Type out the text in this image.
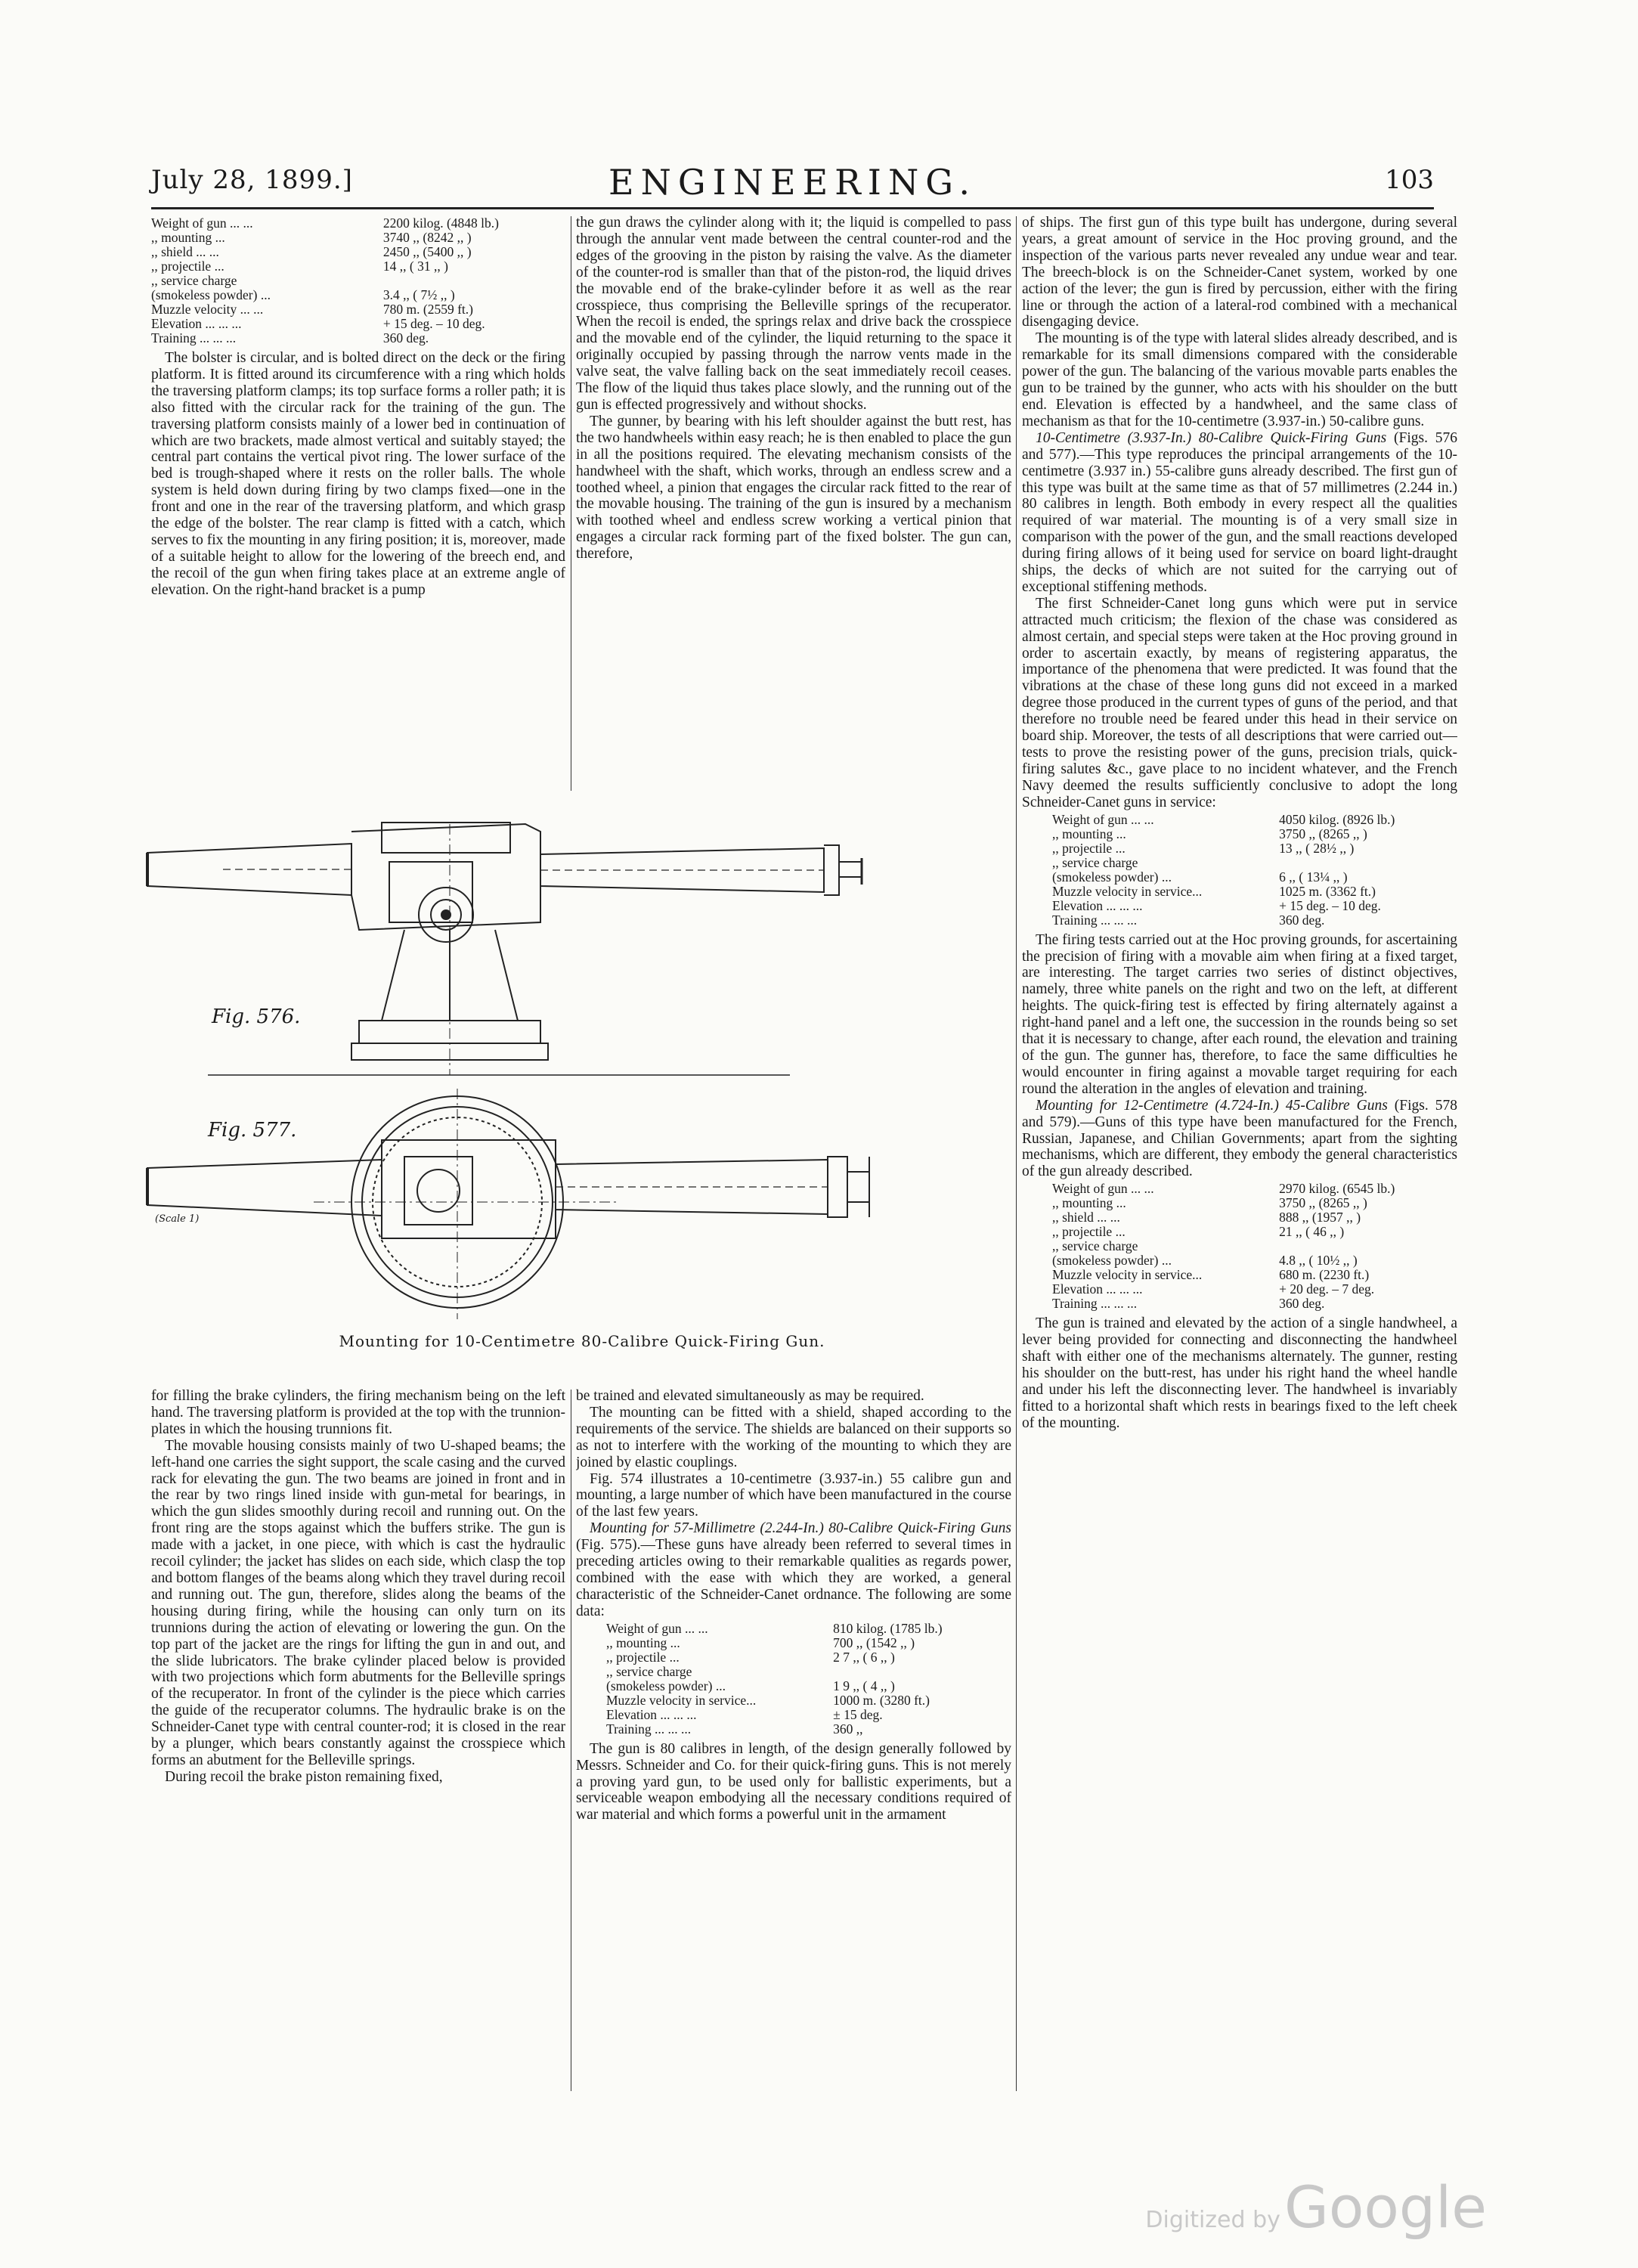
July 28, 1899.]	ENGINEERING.	103
Weight of gun ... ...	2200 kilog. (4848 lb.)
,, mounting ...	3740 ,, (8242 ,, )
,, shield ... ...	2450 ,, (5400 ,, )
,, projectile ...	14 ,, ( 31 ,, )
,, service charge
(smokeless powder) ...	3.4 ,, ( 7½ ,, )
Muzzle velocity ... ...	780 m. (2559 ft.)
Elevation ... ... ...	+ 15 deg. – 10 deg.
Training ... ... ...	360 deg.

The bolster is circular, and is bolted direct on the deck or the firing platform. It is fitted around its circumference with a ring which holds the traversing platform clamps; its top surface forms a roller path; it is also fitted with the circular rack for the training of the gun. The traversing platform consists mainly of a lower bed in continuation of which are two brackets, made almost vertical and suitably stayed; the central part contains the vertical pivot ring. The lower surface of the bed is trough-shaped where it rests on the roller balls. The whole system is held down during firing by two clamps fixed—one in the front and one in the rear of the traversing platform, and which grasp the edge of the bolster. The rear clamp is fitted with a catch, which serves to fix the mounting in any firing position; it is, moreover, made of a suitable height to allow for the lowering of the breech end, and the recoil of the gun when firing takes place at an extreme angle of elevation. On the right-hand bracket is a pump

the gun draws the cylinder along with it; the liquid is compelled to pass through the annular vent made between the central counter-rod and the edges of the grooving in the piston by raising the valve. As the diameter of the counter-rod is smaller than that of the piston-rod, the liquid drives the movable end of the brake-cylinder before it as well as the rear crosspiece, thus comprising the Belleville springs of the recuperator. When the recoil is ended, the springs relax and drive back the crosspiece and the movable end of the cylinder, the liquid returning to the space it originally occupied by passing through the narrow vents made in the valve seat, the valve falling back on the seat immediately recoil ceases. The flow of the liquid thus takes place slowly, and the running out of the gun is effected progressively and without shocks.

The gunner, by bearing with his left shoulder against the butt rest, has the two handwheels within easy reach; he is then enabled to place the gun in all the positions required. The elevating mechanism consists of the handwheel with the shaft, which works, through an endless screw and a toothed wheel, a pinion that engages the circular rack fitted to the rear of the movable housing. The training of the gun is insured by a mechanism with toothed wheel and endless screw working a vertical pinion that engages a circular rack forming part of the fixed bolster. The gun can, therefore,

Fig. 576.
Fig. 577.
(Scale 1)
Mounting for 10-Centimetre 80-Calibre Quick-Firing Gun.

for filling the brake cylinders, the firing mechanism being on the left hand. The traversing platform is provided at the top with the trunnion-plates in which the housing trunnions fit.

The movable housing consists mainly of two U-shaped beams; the left-hand one carries the sight support, the scale casing and the curved rack for elevating the gun. The two beams are joined in front and in the rear by two rings lined inside with gun-metal for bearings, in which the gun slides smoothly during recoil and running out. On the front ring are the stops against which the buffers strike. The gun is made with a jacket, in one piece, with which is cast the hydraulic recoil cylinder; the jacket has slides on each side, which clasp the top and bottom flanges of the beams along which they travel during recoil and running out. The gun, therefore, slides along the beams of the housing during firing, while the housing can only turn on its trunnions during the action of elevating or lowering the gun. On the top part of the jacket are the rings for lifting the gun in and out, and the slide lubricators. The brake cylinder placed below is provided with two projections which form abutments for the Belleville springs of the recuperator. In front of the cylinder is the piece which carries the guide of the recuperator columns. The hydraulic brake is on the Schneider-Canet type with central counter-rod; it is closed in the rear by a plunger, which bears constantly against the crosspiece which forms an abutment for the Belleville springs.

During recoil the brake piston remaining fixed,

be trained and elevated simultaneously as may be required.

The mounting can be fitted with a shield, shaped according to the requirements of the service. The shields are balanced on their supports so as not to interfere with the working of the mounting to which they are joined by elastic couplings.

Fig. 574 illustrates a 10-centimetre (3.937-in.) 55 calibre gun and mounting, a large number of which have been manufactured in the course of the last few years.

Mounting for 57-Millimetre (2.244-In.) 80-Calibre Quick-Firing Guns (Fig. 575).—These guns have already been referred to several times in preceding articles owing to their remarkable qualities as regards power, combined with the ease with which they are worked, a general characteristic of the Schneider-Canet ordnance. The following are some data:

Weight of gun ... ...	810 kilog. (1785 lb.)
,, mounting ...	700 ,, (1542 ,, )
,, projectile ...	2 7 ,, ( 6 ,, )
,, service charge
(smokeless powder) ...	1 9 ,, ( 4 ,, )
Muzzle velocity in service...	1000 m. (3280 ft.)
Elevation ... ... ...	± 15 deg.
Training ... ... ...	360 ,,

The gun is 80 calibres in length, of the design generally followed by Messrs. Schneider and Co. for their quick-firing guns. This is not merely a proving yard gun, to be used only for ballistic experiments, but a serviceable weapon embodying all the necessary conditions required of war material and which forms a powerful unit in the armament

of ships. The first gun of this type built has undergone, during several years, a great amount of service in the Hoc proving ground, and the inspection of the various parts never revealed any undue wear and tear. The breech-block is on the Schneider-Canet system, worked by one action of the lever; the gun is fired by percussion, either with the firing line or through the action of a lateral-rod combined with a mechanical disengaging device.

The mounting is of the type with lateral slides already described, and is remarkable for its small dimensions compared with the considerable power of the gun. The balancing of the various movable parts enables the gun to be trained by the gunner, who acts with his shoulder on the butt end. Elevation is effected by a handwheel, and the same class of mechanism as that for the 10-centimetre (3.937-in.) 50-calibre guns.

10-Centimetre (3.937-In.) 80-Calibre Quick-Firing Guns (Figs. 576 and 577).—This type reproduces the principal arrangements of the 10-centimetre (3.937 in.) 55-calibre guns already described. The first gun of this type was built at the same time as that of 57 millimetres (2.244 in.) 80 calibres in length. Both embody in every respect all the qualities required of war material. The mounting is of a very small size in comparison with the power of the gun, and the small reactions developed during firing allows of it being used for service on board light-draught ships, the decks of which are not suited for the carrying out of exceptional stiffening methods.

The first Schneider-Canet long guns which were put in service attracted much criticism; the flexion of the chase was considered as almost certain, and special steps were taken at the Hoc proving ground in order to ascertain exactly, by means of registering apparatus, the importance of the phenomena that were predicted. It was found that the vibrations at the chase of these long guns did not exceed in a marked degree those produced in the current types of guns of the period, and that therefore no trouble need be feared under this head in their service on board ship. Moreover, the tests of all descriptions that were carried out—tests to prove the resisting power of the guns, precision trials, quick-firing salutes &c., gave place to no incident whatever, and the French Navy deemed the results sufficiently conclusive to adopt the long Schneider-Canet guns in service:

Weight of gun ... ...	4050 kilog. (8926 lb.)
,, mounting ...	3750 ,, (8265 ,, )
,, projectile ...	13 ,, ( 28½ ,, )
,, service charge
(smokeless powder) ...	6 ,, ( 13¼ ,, )
Muzzle velocity in service...	1025 m. (3362 ft.)
Elevation ... ... ...	+ 15 deg. – 10 deg.
Training ... ... ...	360 deg.

The firing tests carried out at the Hoc proving grounds, for ascertaining the precision of firing with a movable aim when firing at a fixed target, are interesting. The target carries two series of distinct objectives, namely, three white panels on the right and two on the left, at different heights. The quick-firing test is effected by firing alternately against a right-hand panel and a left one, the succession in the rounds being so set that it is necessary to change, after each round, the elevation and training of the gun. The gunner has, therefore, to face the same difficulties he would encounter in firing against a movable target requiring for each round the alteration in the angles of elevation and training.

Mounting for 12-Centimetre (4.724-In.) 45-Calibre Guns (Figs. 578 and 579).—Guns of this type have been manufactured for the French, Russian, Japanese, and Chilian Governments; apart from the sighting mechanisms, which are different, they embody the general characteristics of the gun already described.

Weight of gun ... ...	2970 kilog. (6545 lb.)
,, mounting ...	3750 ,, (8265 ,, )
,, shield ... ...	888 ,, (1957 ,, )
,, projectile ...	21 ,, ( 46 ,, )
,, service charge
(smokeless powder) ...	4.8 ,, ( 10½ ,, )
Muzzle velocity in service...	680 m. (2230 ft.)
Elevation ... ... ...	+ 20 deg. – 7 deg.
Training ... ... ...	360 deg.

The gun is trained and elevated by the action of a single handwheel, a lever being provided for connecting and disconnecting the handwheel shaft with either one of the mechanisms alternately. The gunner, resting his shoulder on the butt-rest, has under his right hand the wheel handle and under his left the disconnecting lever. The handwheel is invariably fitted to a horizontal shaft which rests in bearings fixed to the left cheek of the mounting.

Digitized by Google
